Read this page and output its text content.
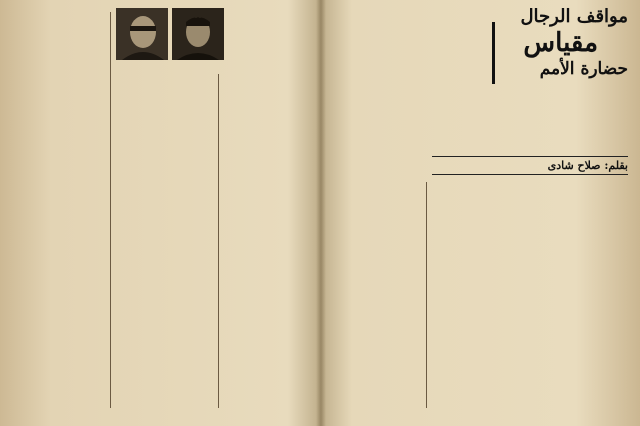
مواقف الرجال
مقياس
حضارة الأمم
بقلم: صلاح شادى
